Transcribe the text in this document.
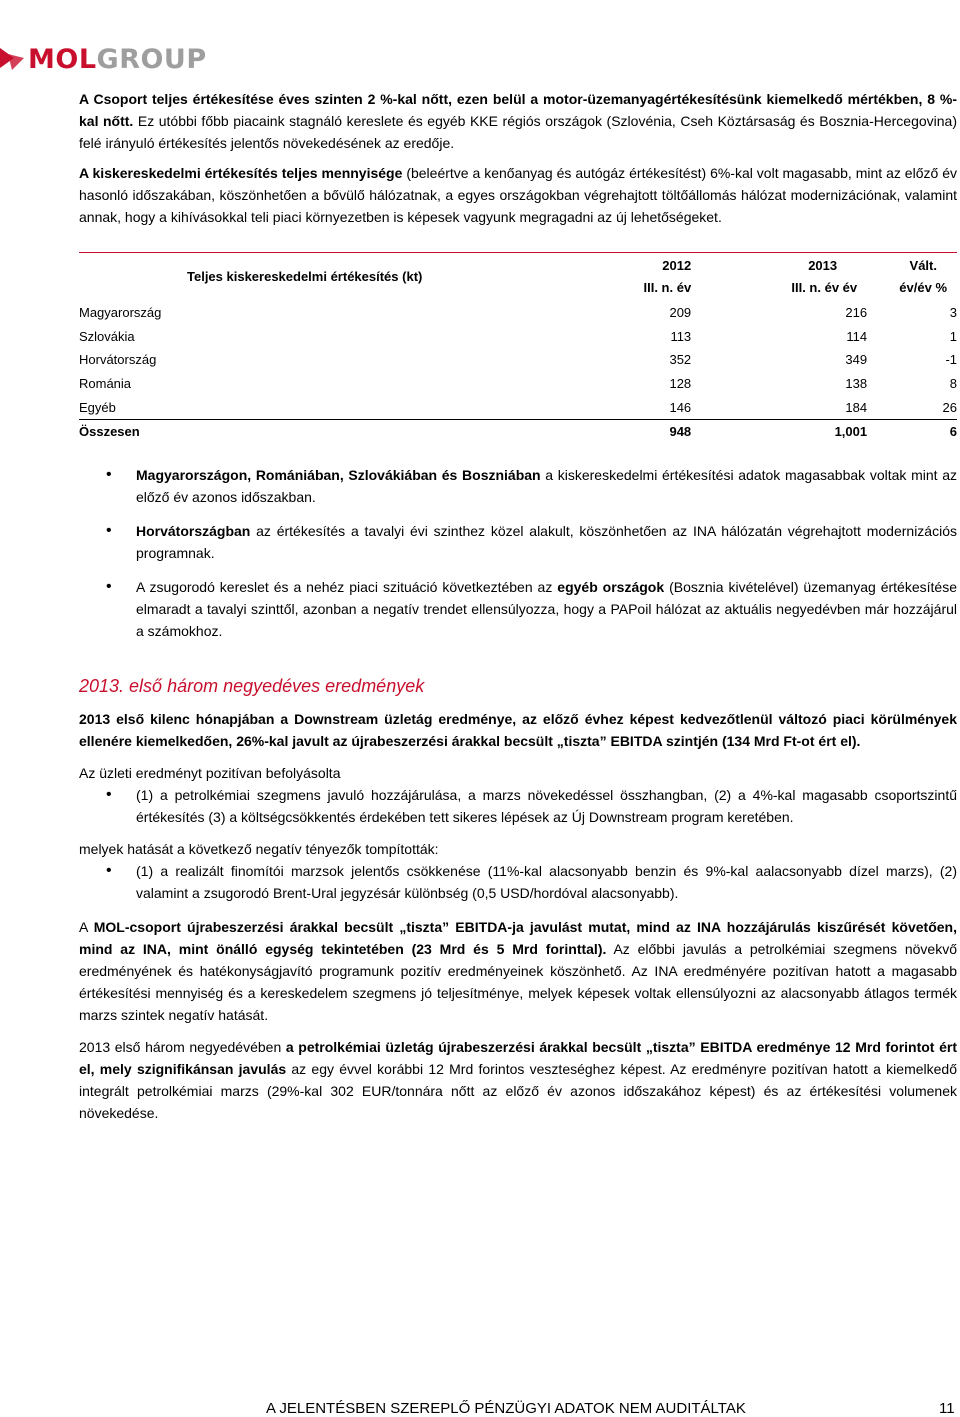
MOLGROUP

A Csoport teljes értékesítése éves szinten 2 %-kal nőtt, ezen belül a motor-üzemanyagértékesítésünk kiemelkedő mértékben, 8 %-kal nőtt. Ez utóbbi főbb piacaink stagnáló kereslete és egyéb KKE régiós országok (Szlovénia, Cseh Köztársaság és Bosznia-Hercegovina) felé irányuló értékesítés jelentős növekedésének az eredője.

A kiskereskedelmi értékesítés teljes mennyisége (beleértve a kenőanyag és autógáz értékesítést) 6%-kal volt magasabb, mint az előző év hasonló időszakában, köszönhetően a bővülő hálózatnak, a egyes országokban végrehajtott töltőállomás hálózat modernizációnak, valamint annak, hogy a kihívásokkal teli piaci környezetben is képesek vagyunk megragadni az új lehetőségeket.

Teljes kiskereskedelmi értékesítés (kt)	2012	2013	Vált.
	III. n. év	III. n. év év	év/év %
Magyarország	209	216	3
Szlovákia	113	114	1
Horvátország	352	349	-1
Románia	128	138	8
Egyéb	146	184	26
Összesen	948	1,001	6
• Magyarországon, Romániában, Szlovákiában és Boszniában a kiskereskedelmi értékesítési adatok magasabbak voltak mint az előző év azonos időszakban.
• Horvátországban az értékesítés a tavalyi évi szinthez közel alakult, köszönhetően az INA hálózatán végrehajtott modernizációs programnak.
• A zsugorodó kereslet és a nehéz piaci szituáció következtében az egyéb országok (Bosznia kivételével) üzemanyag értékesítése elmaradt a tavalyi szinttől, azonban a negatív trendet ellensúlyozza, hogy a PAPoil hálózat az aktuális negyedévben már hozzájárul a számokhoz.
2013. első három negyedéves eredmények

2013 első kilenc hónapjában a Downstream üzletág eredménye, az előző évhez képest kedvezőtlenül változó piaci körülmények ellenére kiemelkedően, 26%-kal javult az újrabeszerzési árakkal becsült „tiszta” EBITDA szintjén (134 Mrd Ft-ot ért el).

Az üzleti eredményt pozitívan befolyásolta

• (1) a petrolkémiai szegmens javuló hozzájárulása, a marzs növekedéssel összhangban, (2) a 4%-kal magasabb csoportszintű értékesítés (3) a költségcsökkentés érdekében tett sikeres lépések az Új Downstream program keretében.

melyek hatását a következő negatív tényezők tompították:

• (1) a realizált finomítói marzsok jelentős csökkenése (11%-kal alacsonyabb benzin és 9%-kal aalacsonyabb dízel marzs), (2) valamint a zsugorodó Brent-Ural jegyzésár különbség (0,5 USD/hordóval alacsonyabb).

A MOL-csoport újrabeszerzési árakkal becsült „tiszta” EBITDA-ja javulást mutat, mind az INA hozzájárulás kiszűrését követően, mind az INA, mint önálló egység tekintetében (23 Mrd és 5 Mrd forinttal). Az előbbi javulás a petrolkémiai szegmens növekvő eredményének és hatékonyságjavító programunk pozitív eredményeinek köszönhető. Az INA eredményére pozitívan hatott a magasabb értékesítési mennyiség és a kereskedelem szegmens jó teljesítménye, melyek képesek voltak ellensúlyozni az alacsonyabb átlagos termék marzs szintek negatív hatását.

2013 első három negyedévében a petrolkémiai üzletág újrabeszerzési árakkal becsült „tiszta” EBITDA eredménye 12 Mrd forintot ért el, mely szignifikánsan javulás az egy évvel korábbi 12 Mrd forintos veszteséghez képest. Az eredményre pozitívan hatott a kiemelkedő integrált petrolkémiai marzs (29%-kal 302 EUR/tonnára nőtt az előző év azonos időszakához képest) és az értékesítési volumenek növekedése.

A JELENTÉSBEN SZEREPLŐ PÉNZÜGYI ADATOK NEM AUDITÁLTAK	11
